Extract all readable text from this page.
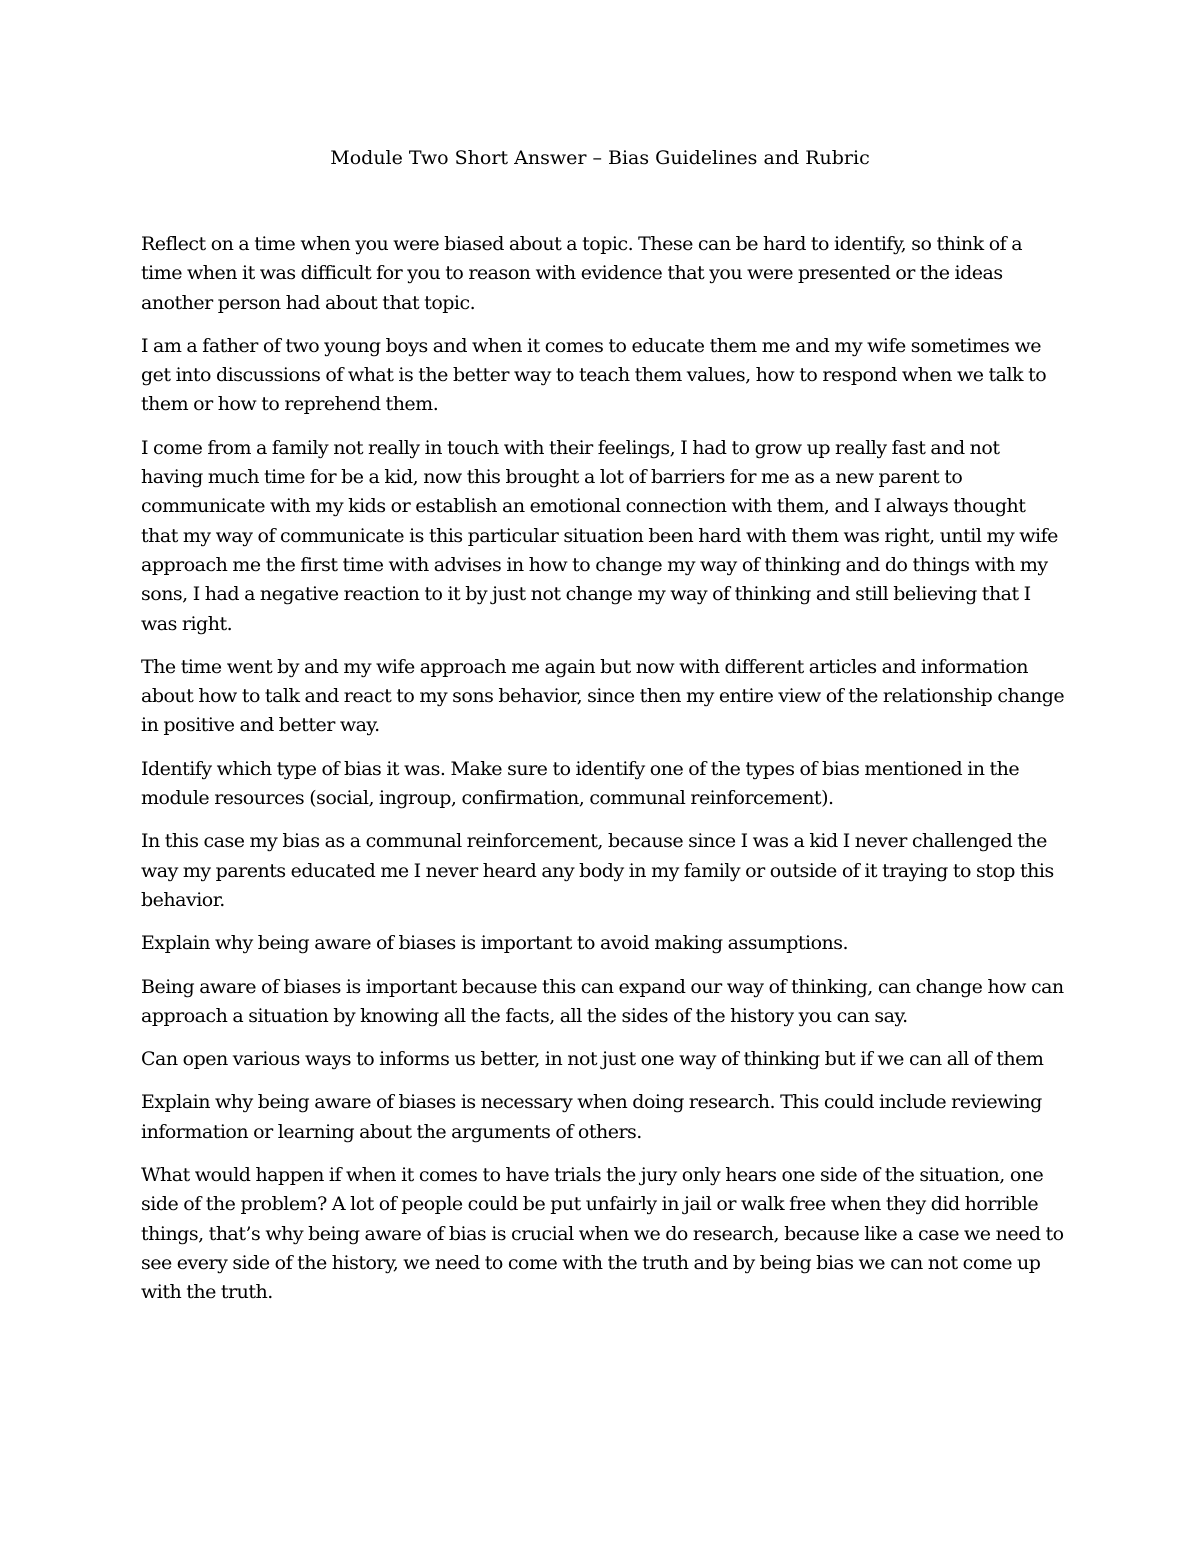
Module Two Short Answer – Bias Guidelines and Rubric

Reflect on a time when you were biased about a topic. These can be hard to identify, so think of a time when it was difficult for you to reason with evidence that you were presented or the ideas another person had about that topic.

I am a father of two young boys and when it comes to educate them me and my wife sometimes we get into discussions of what is the better way to teach them values, how to respond when we talk to them or how to reprehend them.

I come from a family not really in touch with their feelings, I had to grow up really fast and not having much time for be a kid, now this brought a lot of barriers for me as a new parent to communicate with my kids or establish an emotional connection with them, and I always thought that my way of communicate is this particular situation been hard with them was right, until my wife approach me the first time with advises in how to change my way of thinking and do things with my sons, I had a negative reaction to it by just not change my way of thinking and still believing that I was right.

The time went by and my wife approach me again but now with different articles and information about how to talk and react to my sons behavior, since then my entire view of the relationship change in positive and better way.

Identify which type of bias it was. Make sure to identify one of the types of bias mentioned in the module resources (social, ingroup, confirmation, communal reinforcement).

In this case my bias as a communal reinforcement, because since I was a kid I never challenged the way my parents educated me I never heard any body in my family or outside of it traying to stop this behavior.

Explain why being aware of biases is important to avoid making assumptions.

Being aware of biases is important because this can expand our way of thinking, can change how can approach a situation by knowing all the facts, all the sides of the history you can say.

Can open various ways to informs us better, in not just one way of thinking but if we can all of them

Explain why being aware of biases is necessary when doing research. This could include reviewing information or learning about the arguments of others.

What would happen if when it comes to have trials the jury only hears one side of the situation, one side of the problem? A lot of people could be put unfairly in jail or walk free when they did horrible things, that’s why being aware of bias is crucial when we do research, because like a case we need to see every side of the history, we need to come with the truth and by being bias we can not come up with the truth.
